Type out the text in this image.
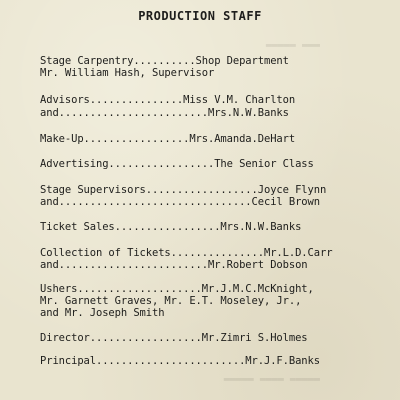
PRODUCTION STAFF
▬▬▬ ▬▬▬▬▬
▬▬▬▬▬ ▬▬▬▬ ▬▬▬▬▬
Stage Carpentry..........Shop Department
Mr. William Hash, Supervisor
Advisors...............Miss V.M. Charlton
and........................Mrs.N.W.Banks
Make-Up.................Mrs.Amanda.DeHart
Advertising.................The Senior Class
Stage Supervisors..................Joyce Flynn
and...............................Cecil Brown
Ticket Sales.................Mrs.N.W.Banks
Collection of Tickets...............Mr.L.D.Carr
and........................Mr.Robert Dobson
Ushers....................Mr.J.M.C.McKnight,
Mr. Garnett Graves, Mr. E.T. Moseley, Jr.,
and Mr. Joseph Smith
Director..................Mr.Zimri S.Holmes
Principal........................Mr.J.F.Banks
